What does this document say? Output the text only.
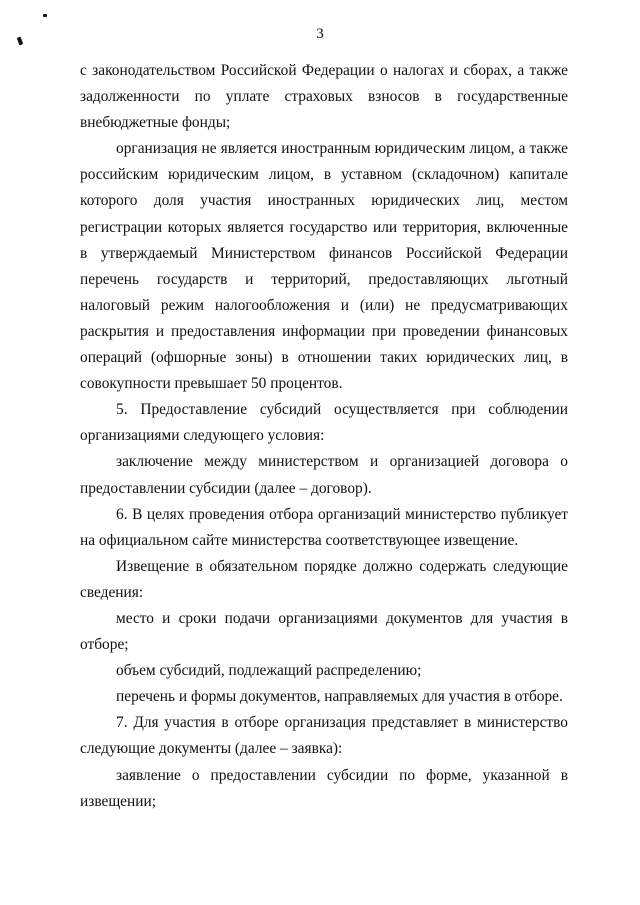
3

с законодательством Российской Федерации о налогах и сборах, а также задолженности по уплате страховых взносов в государственные внебюджетные фонды;

организация не является иностранным юридическим лицом, а также российским юридическим лицом, в уставном (складочном) капитале которого доля участия иностранных юридических лиц, местом регистрации которых является государство или территория, включенные в утверждаемый Министерством финансов Российской Федерации перечень государств и территорий, предоставляющих льготный налоговый режим налогообложения и (или) не предусматривающих раскрытия и предоставления информации при проведении финансовых операций (офшорные зоны) в отношении таких юридических лиц, в совокупности превышает 50 процентов.

5. Предоставление субсидий осуществляется при соблюдении организациями следующего условия:

заключение между министерством и организацией договора о предоставлении субсидии (далее – договор).

6. В целях проведения отбора организаций министерство публикует на официальном сайте министерства соответствующее извещение.

Извещение в обязательном порядке должно содержать следующие сведения:

место и сроки подачи организациями документов для участия в отборе;

объем субсидий, подлежащий распределению;

перечень и формы документов, направляемых для участия в отборе.

7. Для участия в отборе организация представляет в министерство следующие документы (далее – заявка):

заявление о предоставлении субсидии по форме, указанной в извещении;
